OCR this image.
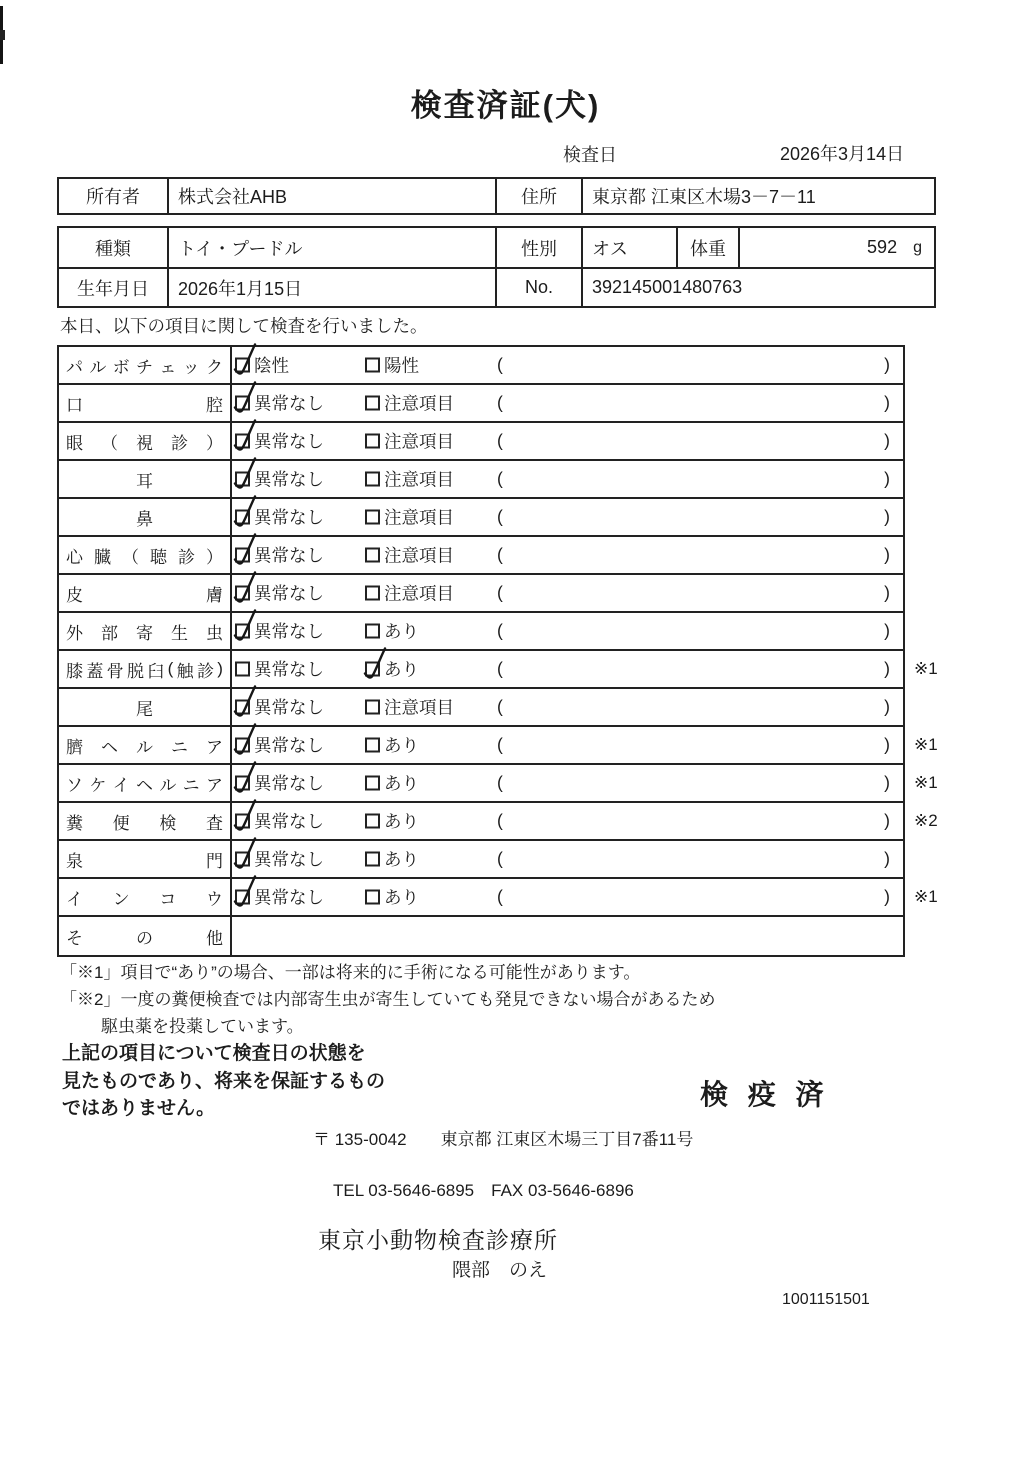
検査済証(犬)
検査日	2026年3月14日
所有者	株式会社AHB	住所	東京都 江東区木場3－7－11
種類	トイ・プードル	性別	オス	体重	592 g
生年月日	2026年1月15日	No.	392145001480763
本日、以下の項目に関して検査を行いました。
パ ル ボ チ ェ ッ ク 陰性	陽性	(	)
口	腔 異常なし	注意項目 (	)
眼 （ 視 診 ） 異常なし	注意項目 (	)
耳	異常なし	注意項目 (	)
鼻	異常なし	注意項目 (	)
心 臓 （ 聴 診 ） 異常なし	注意項目 (	)
皮	膚 異常なし	注意項目 (	)
外 部 寄 生 虫 異常なし	あり	(	)
膝 蓋 骨 脱 臼 ( 触 診 ) 異常なし	あり	(	) ※1
尾	異常なし	注意項目 (	)
臍 ヘ ル ニ ア 異常なし	あり	(	) ※1
ソ ケ イ ヘ ル ニ ア 異常なし	あり	(	) ※1
糞 便 検 査 異常なし	あり	(	) ※2
泉	門 異常なし	あり	(	)
イ ン コ ウ 異常なし	あり	(	) ※1
そ	の	他
「※1」項目で“あり”の場合、一部は将来的に手術になる可能性があります。
「※2」一度の糞便検査では内部寄生虫が寄生していても発見できない場合があるため
駆虫薬を投薬しています。
上記の項目について検査日の状態を
見たものであり、将来を保証するもの
ではありません。	検 疫 済
〒 135-0042　　東京都 江東区木場三丁目7番11号
TEL 03-5646-6895　FAX 03-5646-6896
東京小動物検査診療所
隈部　のえ
1001151501
